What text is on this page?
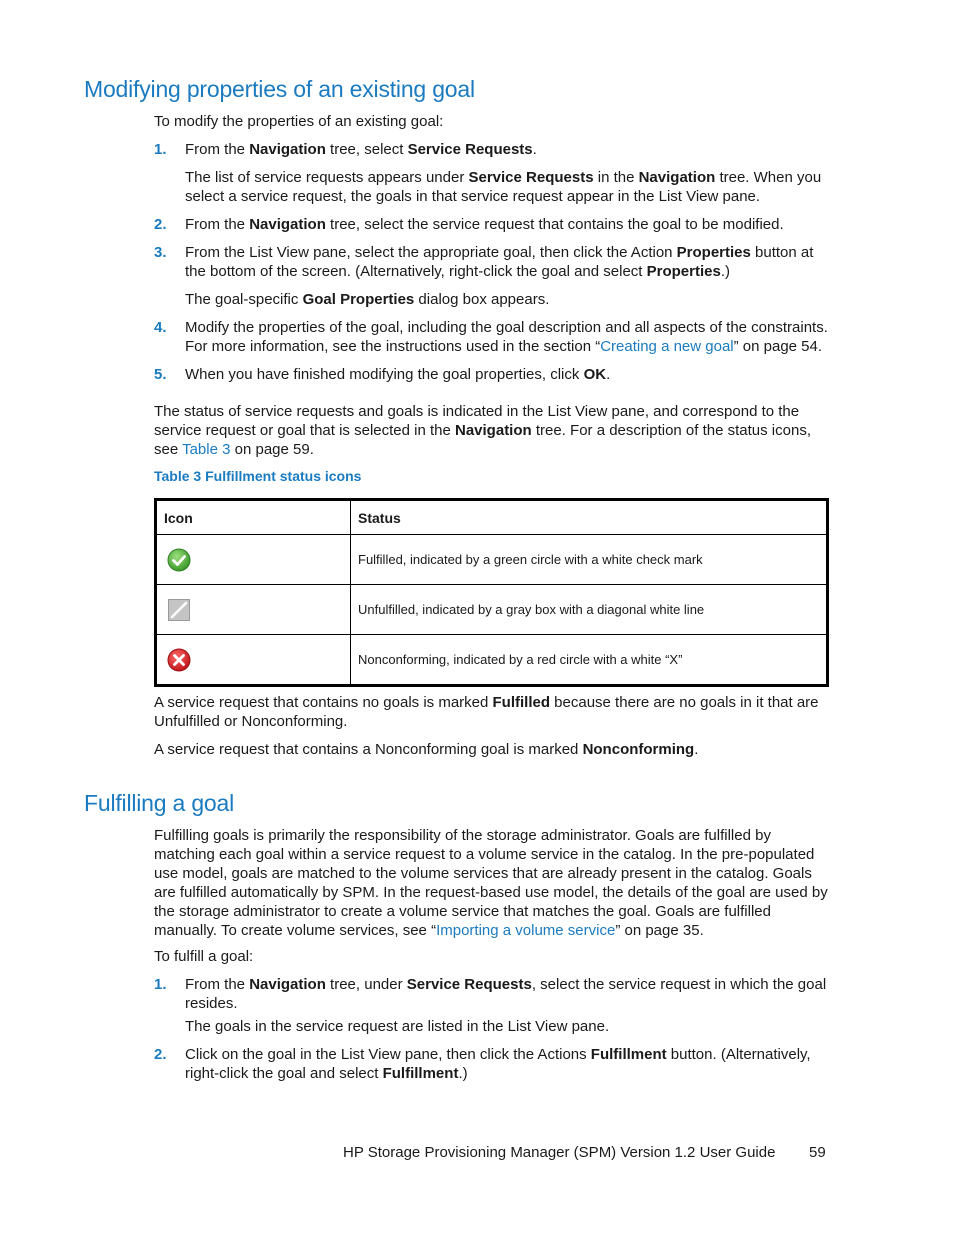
Modifying properties of an existing goal
To modify the properties of an existing goal:
1. From the Navigation tree, select Service Requests.
The list of service requests appears under Service Requests in the Navigation tree. When you select a service request, the goals in that service request appear in the List View pane.
2. From the Navigation tree, select the service request that contains the goal to be modified.
3. From the List View pane, select the appropriate goal, then click the Action Properties button at the bottom of the screen. (Alternatively, right-click the goal and select Properties.)
The goal-specific Goal Properties dialog box appears.
4. Modify the properties of the goal, including the goal description and all aspects of the constraints. For more information, see the instructions used in the section “Creating a new goal” on page 54.
5. When you have finished modifying the goal properties, click OK.
The status of service requests and goals is indicated in the List View pane, and correspond to the service request or goal that is selected in the Navigation tree. For a description of the status icons, see Table 3 on page 59.
Table 3 Fulfillment status icons
Icon	Status
	Fulfilled, indicated by a green circle with a white check mark
	Unfulfilled, indicated by a gray box with a diagonal white line
	Nonconforming, indicated by a red circle with a white “X”
A service request that contains no goals is marked Fulfilled because there are no goals in it that are Unfulfilled or Nonconforming.
A service request that contains a Nonconforming goal is marked Nonconforming.
Fulfilling a goal
Fulfilling goals is primarily the responsibility of the storage administrator. Goals are fulfilled by matching each goal within a service request to a volume service in the catalog. In the pre-populated use model, goals are matched to the volume services that are already present in the catalog. Goals are fulfilled automatically by SPM. In the request-based use model, the details of the goal are used by the storage administrator to create a volume service that matches the goal. Goals are fulfilled manually. To create volume services, see “Importing a volume service” on page 35.
To fulfill a goal:
1. From the Navigation tree, under Service Requests, select the service request in which the goal resides.
The goals in the service request are listed in the List View pane.
2. Click on the goal in the List View pane, then click the Actions Fulfillment button. (Alternatively, right-click the goal and select Fulfillment.)
HP Storage Provisioning Manager (SPM) Version 1.2 User Guide 59
